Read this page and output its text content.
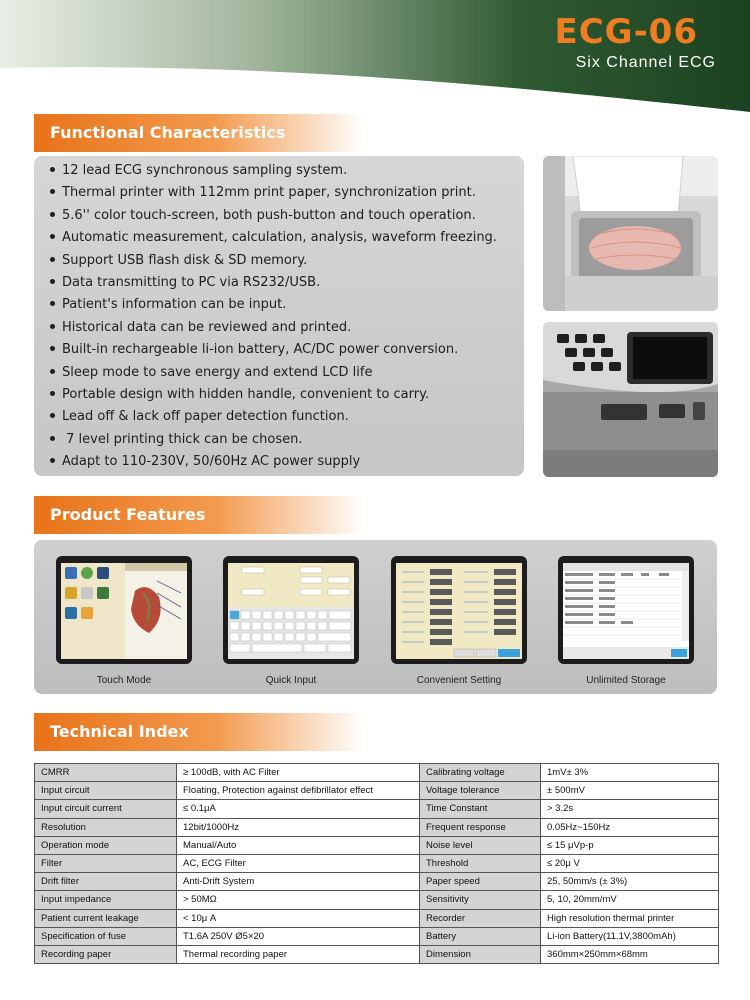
ECG-06
Six Channel ECG
Functional Characteristics
12 lead ECG synchronous sampling system.
Thermal printer with 112mm print paper, synchronization print.
5.6'' color touch-screen, both push-button and touch operation.
Automatic measurement, calculation, analysis, waveform freezing.
Support USB flash disk & SD memory.
Data transmitting to PC via RS232/USB.
Patient's information can be input.
Historical data can be reviewed and printed.
Built-in rechargeable li-ion battery, AC/DC power conversion.
Sleep mode to save energy and extend LCD life
Portable design with hidden handle, convenient to carry.
Lead off & lack off paper detection function.
7 level printing thick can be chosen.
Adapt to 110-230V, 50/60Hz AC power supply
Product Features
Touch Mode	Quick Input	Convenient Setting	Unlimited Storage
Technical Index
CMRR	≥ 100dB, with AC Filter	Calibrating voltage	1mV± 3%
Input circuit	Floating, Protection against defibrillator effect	Voltage tolerance	± 500mV
Input circuit current	≤ 0.1μA	Time Constant	> 3.2s
Resolution	12bit/1000Hz	Frequent response	0.05Hz~150Hz
Operation mode	Manual/Auto	Noise level	≤ 15 μVp-p
Filter	AC, ECG Filter	Threshold	≤ 20μ V
Drift filter	Anti-Drift System	Paper speed	25, 50mm/s (± 3%)
Input impedance	> 50MΩ	Sensitivity	5, 10, 20mm/mV
Patient current leakage	< 10μ A	Recorder	High resolution thermal printer
Specification of fuse	T1.6A 250V Ø5×20	Battery	Li-ion Battery(11.1V,3800mAh)
Recording paper	Thermal recording paper	Dimension	360mm×250mm×68mm
